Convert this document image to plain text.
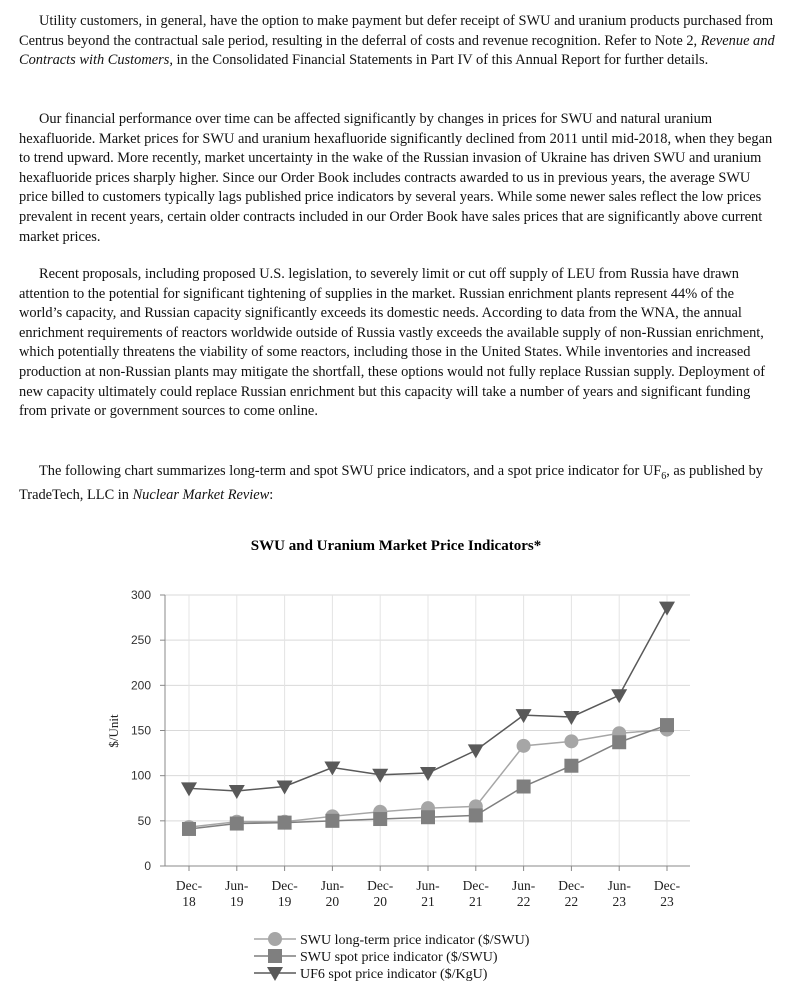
Utility customers, in general, have the option to make payment but defer receipt of SWU and uranium products purchased from Centrus beyond the contractual sale period, resulting in the deferral of costs and revenue recognition. Refer to Note 2, Revenue and Contracts with Customers, in the Consolidated Financial Statements in Part IV of this Annual Report for further details.

Our financial performance over time can be affected significantly by changes in prices for SWU and natural uranium hexafluoride. Market prices for SWU and uranium hexafluoride significantly declined from 2011 until mid-2018, when they began to trend upward. More recently, market uncertainty in the wake of the Russian invasion of Ukraine has driven SWU and uranium hexafluoride prices sharply higher. Since our Order Book includes contracts awarded to us in previous years, the average SWU price billed to customers typically lags published price indicators by several years. While some newer sales reflect the low prices prevalent in recent years, certain older contracts included in our Order Book have sales prices that are significantly above current market prices.

Recent proposals, including proposed U.S. legislation, to severely limit or cut off supply of LEU from Russia have drawn attention to the potential for significant tightening of supplies in the market. Russian enrichment plants represent 44% of the world’s capacity, and Russian capacity significantly exceeds its domestic needs. According to data from the WNA, the annual enrichment requirements of reactors worldwide outside of Russia vastly exceeds the available supply of non-Russian enrichment, which potentially threatens the viability of some reactors, including those in the United States. While inventories and increased production at non-Russian plants may mitigate the shortfall, these options would not fully replace Russian supply. Deployment of new capacity ultimately could replace Russian enrichment but this capacity will take a number of years and significant funding from private or government sources to come online.

The following chart summarizes long-term and spot SWU price indicators, and a spot price indicator for $UF_6$, as published by TradeTech, LLC in Nuclear Market Review:

SWU and Uranium Market Price Indicators*
$/Unit
0
50
100
150
200
250
300
Dec-
18
Jun-
19
Dec-
19
Jun-
20
Dec-
20
Jun-
21
Dec-
21
Jun-
22
Dec-
22
Jun-
23
Dec-
23
SWU long-term price indicator ($/SWU)
SWU spot price indicator ($/SWU)
UF6 spot price indicator ($/KgU)
